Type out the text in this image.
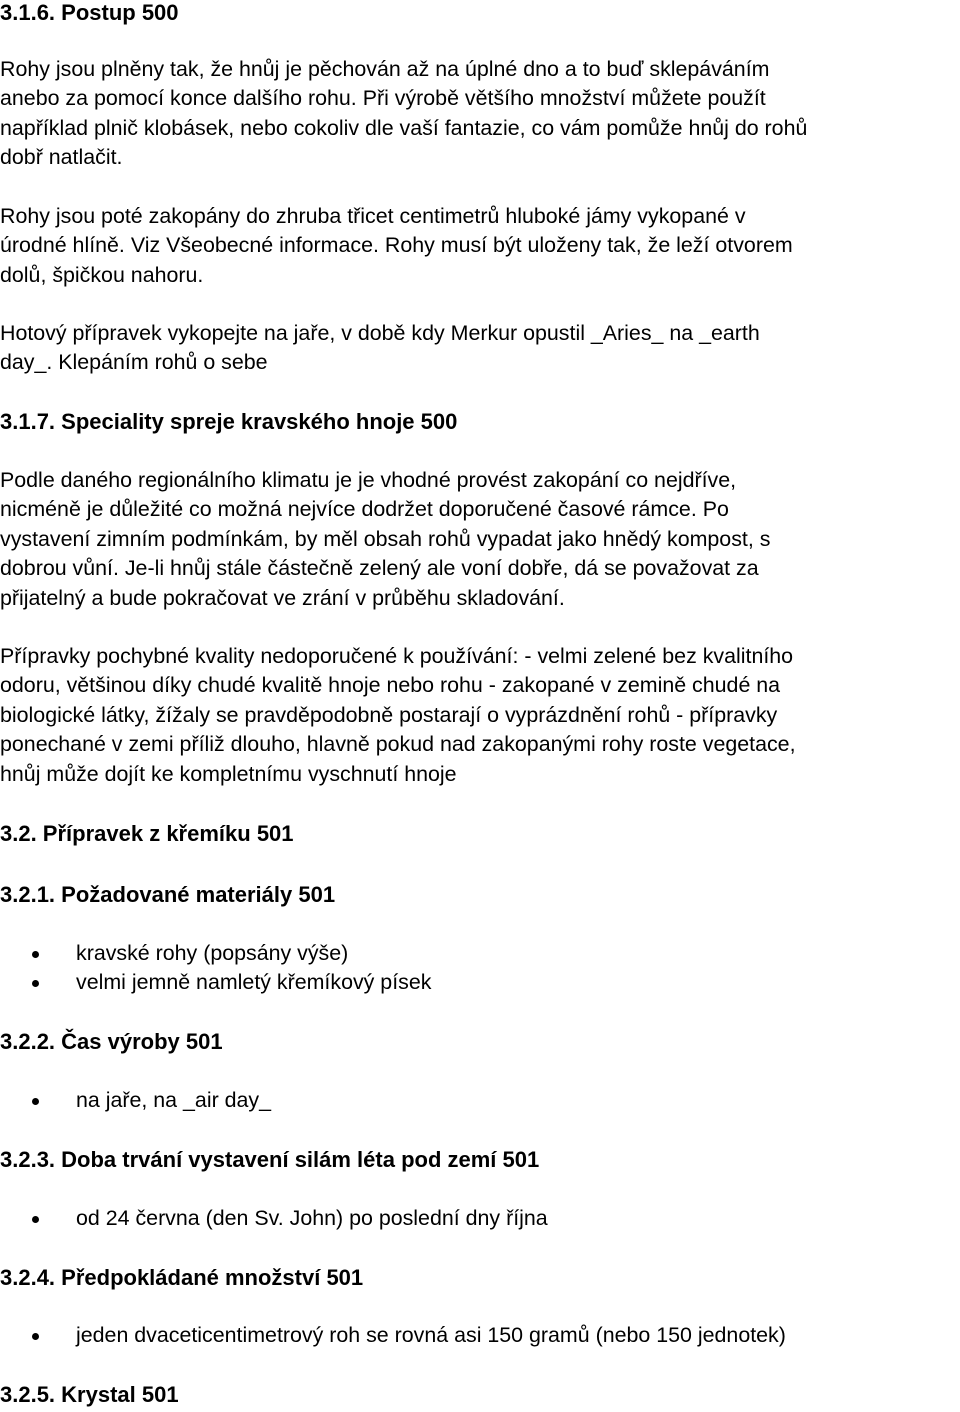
3.1.6. Postup 500

Rohy jsou plněny tak, že hnůj je pěchován až na úplné dno a to buď sklepáváním
anebo za pomocí konce dalšího rohu. Při výrobě většího množství můžete použít
například plnič klobásek, nebo cokoliv dle vaší fantazie, co vám pomůže hnůj do rohů
dobř natlačit.

Rohy jsou poté zakopány do zhruba třicet centimetrů hluboké jámy vykopané v
úrodné hlíně. Viz Všeobecné informace. Rohy musí být uloženy tak, že leží otvorem
dolů, špičkou nahoru.

Hotový přípravek vykopejte na jaře, v době kdy Merkur opustil _Aries_ na _earth
day_. Klepáním rohů o sebe

3.1.7. Speciality spreje kravského hnoje 500

Podle daného regionálního klimatu je je vhodné provést zakopání co nejdříve,
nicméně je důležité co možná nejvíce dodržet doporučené časové rámce. Po
vystavení zimním podmínkám, by měl obsah rohů vypadat jako hnědý kompost, s
dobrou vůní. Je-li hnůj stále částečně zelený ale voní dobře, dá se považovat za
přijatelný a bude pokračovat ve zrání v průběhu skladování.

Přípravky pochybné kvality nedoporučené k používání: - velmi zelené bez kvalitního
odoru, většinou díky chudé kvalitě hnoje nebo rohu - zakopané v zemině chudé na
biologické látky, žížaly se pravděpodobně postarají o vyprázdnění rohů - přípravky
ponechané v zemi příliž dlouho, hlavně pokud nad zakopanými rohy roste vegetace,
hnůj může dojít ke kompletnímu vyschnutí hnoje

3.2. Přípravek z křemíku 501
3.2.1. Požadované materiály 501
kravské rohy (popsány výše)
velmi jemně namletý křemíkový písek
3.2.2. Čas výroby 501
na jaře, na _air day_
3.2.3. Doba trvání vystavení silám léta pod zemí 501
od 24 června (den Sv. John) po poslední dny října
3.2.4. Předpokládané množství 501
jeden dvaceticentimetrový roh se rovná asi 150 gramů (nebo 150 jednotek)
3.2.5. Krystal 501
